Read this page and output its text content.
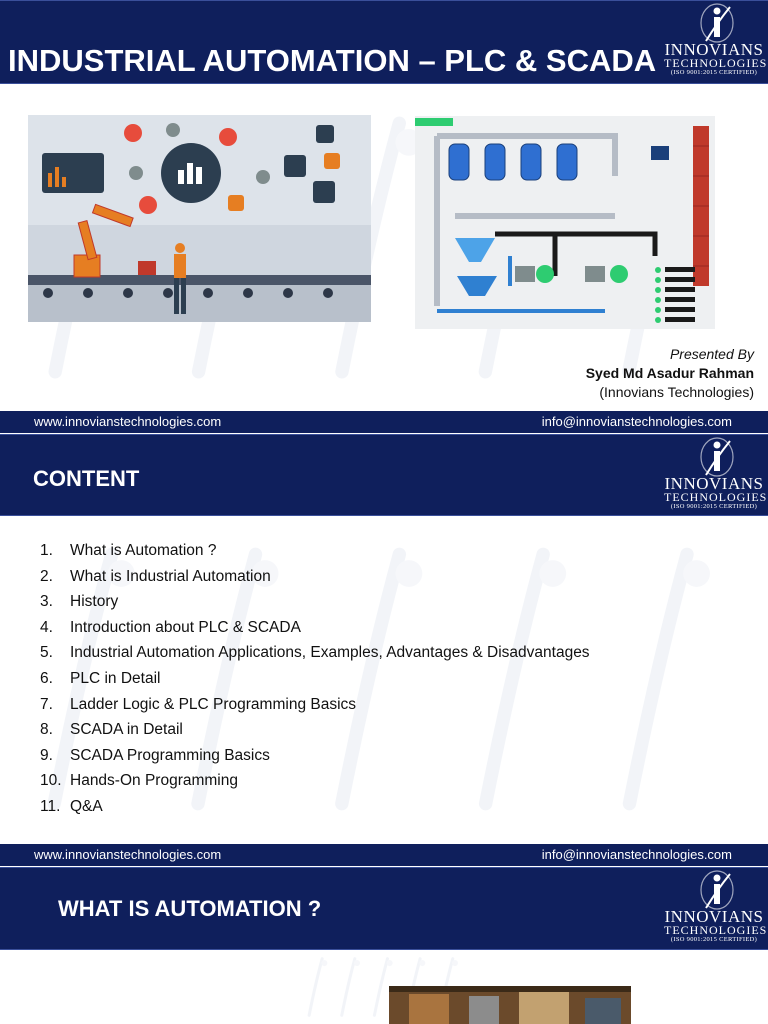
INDUSTRIAL AUTOMATION – PLC & SCADA INNOVIANS
TECHNOLOGIES
(ISO 9001:2015 CERTIFIED)
Presented By
Syed Md Asadur Rahman
(Innovians Technologies)
www.innovianstechnologies.com	info@innovianstechnologies.com
CONTENT	INNOVIANS
TECHNOLOGIES
(ISO 9001:2015 CERTIFIED)
1. What is Automation ?
2. What is Industrial Automation
3. History
4. Introduction about PLC & SCADA
5. Industrial Automation Applications, Examples, Advantages & Disadvantages
6. PLC in Detail
7. Ladder Logic & PLC Programming Basics
8. SCADA in Detail
9. SCADA Programming Basics
10. Hands-On Programming
11. Q&A
www.innovianstechnologies.com	info@innovianstechnologies.com
WHAT IS AUTOMATION ?	INNOVIANS
TECHNOLOGIES
(ISO 9001:2015 CERTIFIED)
